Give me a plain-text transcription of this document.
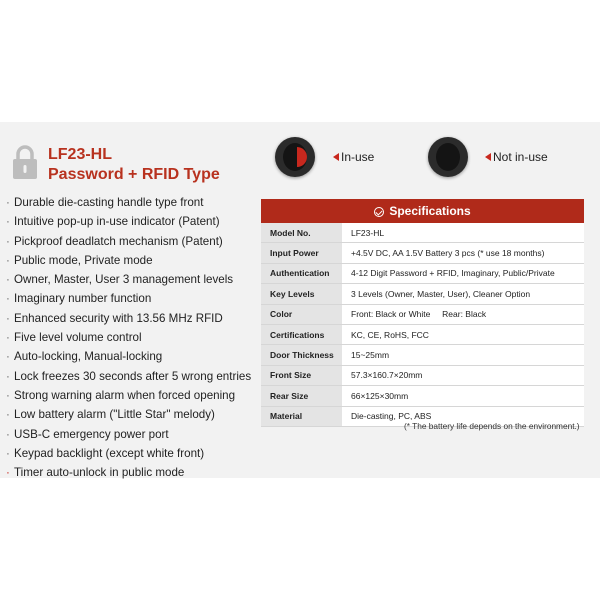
LF23-HL
Password + RFID Type
· Durable die-casting handle type front
· Intuitive pop-up in-use indicator (Patent)
· Pickproof deadlatch mechanism (Patent)
· Public mode, Private mode
· Owner, Master, User 3 management levels
· Imaginary number function
· Enhanced security with 13.56 MHz RFID
· Five level volume control
· Auto-locking, Manual-locking
· Lock freezes 30 seconds after 5 wrong entries
· Strong warning alarm when forced opening
· Low battery alarm ("Little Star" melody)
· USB-C emergency power port
· Keypad backlight (except white front)
· Timer auto-unlock in public mode
In-use	Not in-use
Specifications
Model No.	LF23-HL
Input Power	+4.5V DC, AA 1.5V Battery 3 pcs (* use 18 months)
Authentication	4-12 Digit Password + RFID, Imaginary, Public/Private
Key Levels	3 Levels (Owner, Master, User), Cleaner Option
Color	Front: Black or White     Rear: Black
Certifications	KC, CE, RoHS, FCC
Door Thickness	15~25mm
Front Size	57.3×160.7×20mm
Rear Size	66×125×30mm
Material	Die-casting, PC, ABS
(* The battery life depends on the environment.)
